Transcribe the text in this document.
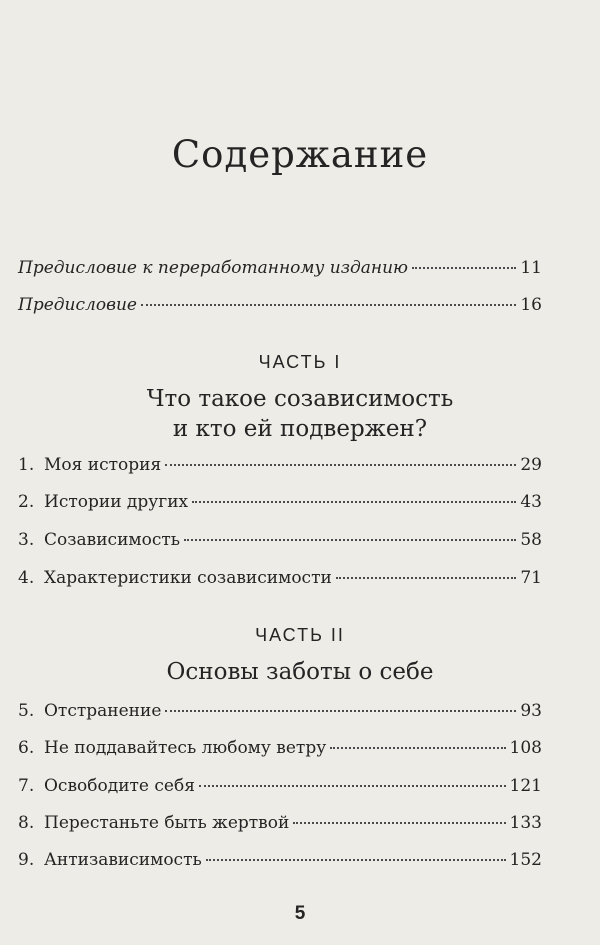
Содержание
Предисловие к переработанному изданию	11
Предисловие	16
ЧАСТЬ I
Что такое созависимость
и кто ей подвержен?
1. Моя история	29
2. Истории других	43
3. Созависимость	58
4. Характеристики созависимости	71
ЧАСТЬ II
Основы заботы о себе
5. Отстранение	93
6. Не поддавайтесь любому ветру	108
7. Освободите себя	121
8. Перестаньте быть жертвой	133
9. Антизависимость	152
5
